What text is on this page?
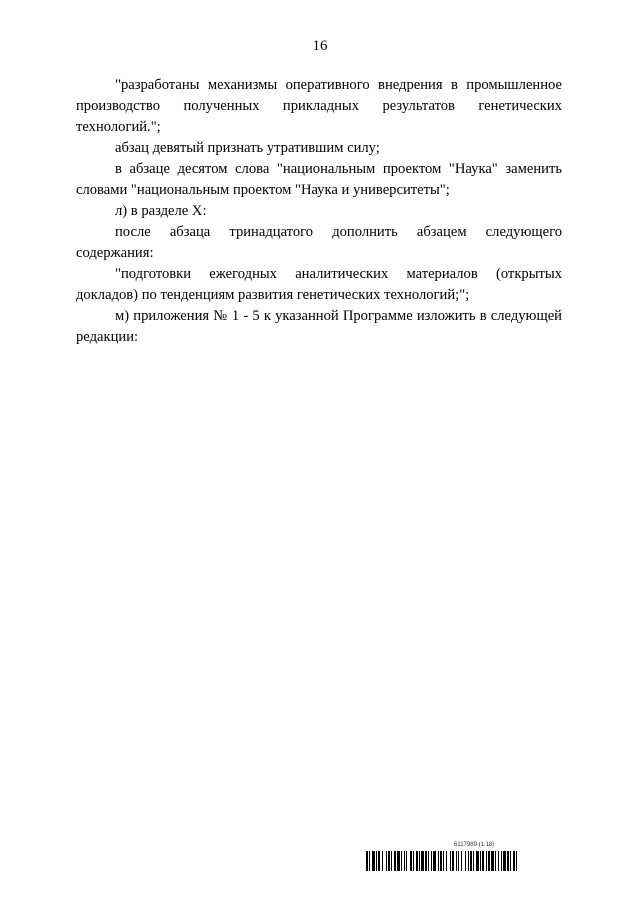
16

"разработаны механизмы оперативного внедрения в промышленное производство полученных прикладных результатов генетических технологий.";

абзац девятый признать утратившим силу;

в абзаце десятом слова "национальным проектом "Наука" заменить словами "национальным проектом "Наука и университеты";

л) в разделе X:

после абзаца тринадцатого дополнить абзацем следующего содержания:

"подготовки ежегодных аналитических материалов (открытых докладов) по тенденциям развития генетических технологий;";

м) приложения № 1 - 5 к указанной Программе изложить в следующей редакции:

6117989 (1.18)
